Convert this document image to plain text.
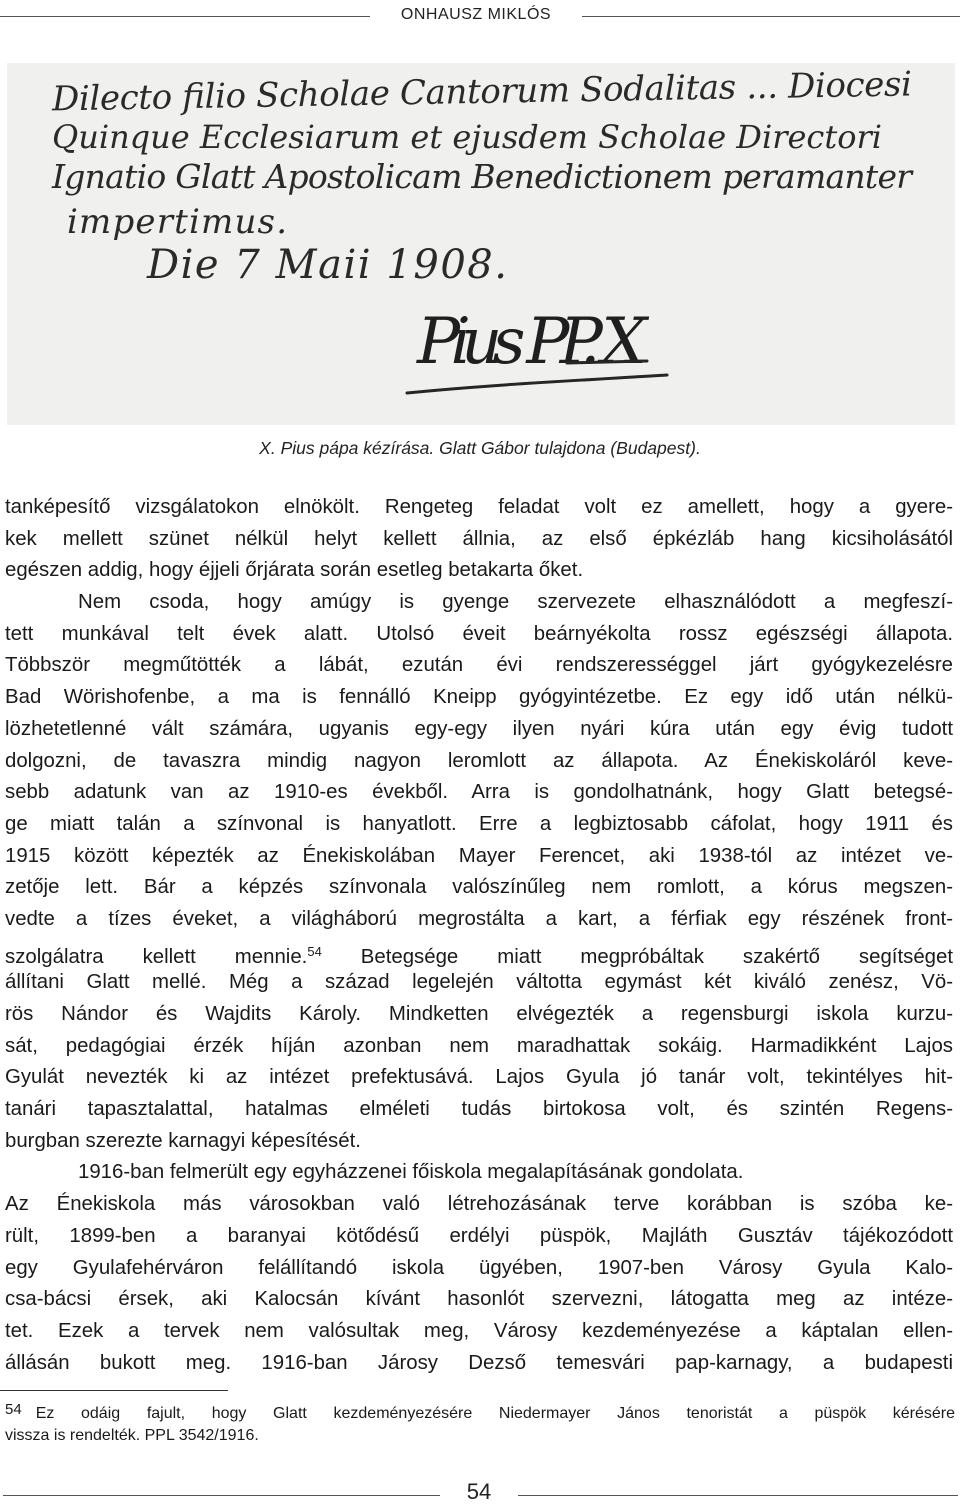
ONHAUSZ MIKLÓS
Dilecto filio Scholae Cantorum Sodalitas ... Diocesi
Quinque Ecclesiarum et ejusdem Scholae Directori
Ignatio Glatt Apostolicam Benedictionem peramanter
impertimus.
Die 7 Maii 1908.
Pius PP. X
X. Pius pápa kézírása. Glatt Gábor tulajdona (Budapest).
tanképesítő vizsgálatokon elnökölt. Rengeteg feladat volt ez amellett, hogy a gyere-
kek mellett szünet nélkül helyt kellett állnia, az első épkézláb hang kicsiholásától
egészen addig, hogy éjjeli őrjárata során esetleg betakarta őket.
Nem csoda, hogy amúgy is gyenge szervezete elhasználódott a megfeszí-
tett munkával telt évek alatt. Utolsó éveit beárnyékolta rossz egészségi állapota.
Többször megműtötték a lábát, ezután évi rendszerességgel járt gyógykezelésre
Bad Wörishofenbe, a ma is fennálló Kneipp gyógyintézetbe. Ez egy idő után nélkü-
lözhetetlenné vált számára, ugyanis egy-egy ilyen nyári kúra után egy évig tudott
dolgozni, de tavaszra mindig nagyon leromlott az állapota. Az Énekiskoláról keve-
sebb adatunk van az 1910-es évekből. Arra is gondolhatnánk, hogy Glatt betegsé-
ge miatt talán a színvonal is hanyatlott. Erre a legbiztosabb cáfolat, hogy 1911 és
1915 között képezték az Énekiskolában Mayer Ferencet, aki 1938-tól az intézet ve-
zetője lett. Bár a képzés színvonala valószínűleg nem romlott, a kórus megszen-
vedte a tízes éveket, a világháború megrostálta a kart, a férfiak egy részének front-
szolgálatra kellett mennie.$^{54}$ Betegsége miatt megpróbáltak szakértő segítséget
állítani Glatt mellé. Még a század legelején váltotta egymást két kiváló zenész, Vö-
rös Nándor és Wajdits Károly. Mindketten elvégezték a regensburgi iskola kurzu-
sát, pedagógiai érzék híján azonban nem maradhattak sokáig. Harmadikként Lajos
Gyulát nevezték ki az intézet prefektusává. Lajos Gyula jó tanár volt, tekintélyes hit-
tanári tapasztalattal, hatalmas elméleti tudás birtokosa volt, és szintén Regens-
burgban szerezte karnagyi képesítését.
1916-ban felmerült egy egyházzenei főiskola megalapításának gondolata.
Az Énekiskola más városokban való létrehozásának terve korábban is szóba ke-
rült, 1899-ben a baranyai kötődésű erdélyi püspök, Majláth Gusztáv tájékozódott
egy Gyulafehérváron felállítandó iskola ügyében, 1907-ben Városy Gyula Kalo-
csa-bácsi érsek, aki Kalocsán kívánt hasonlót szervezni, látogatta meg az intéze-
tet. Ezek a tervek nem valósultak meg, Városy kezdeményezése a káptalan ellen-
állásán bukott meg. 1916-ban Járosy Dezső temesvári pap-karnagy, a budapesti
54 Ez odáig fajult, hogy Glatt kezdeményezésére Niedermayer János tenoristát a püspök kérésére
vissza is rendelték. PPL 3542/1916.
54
